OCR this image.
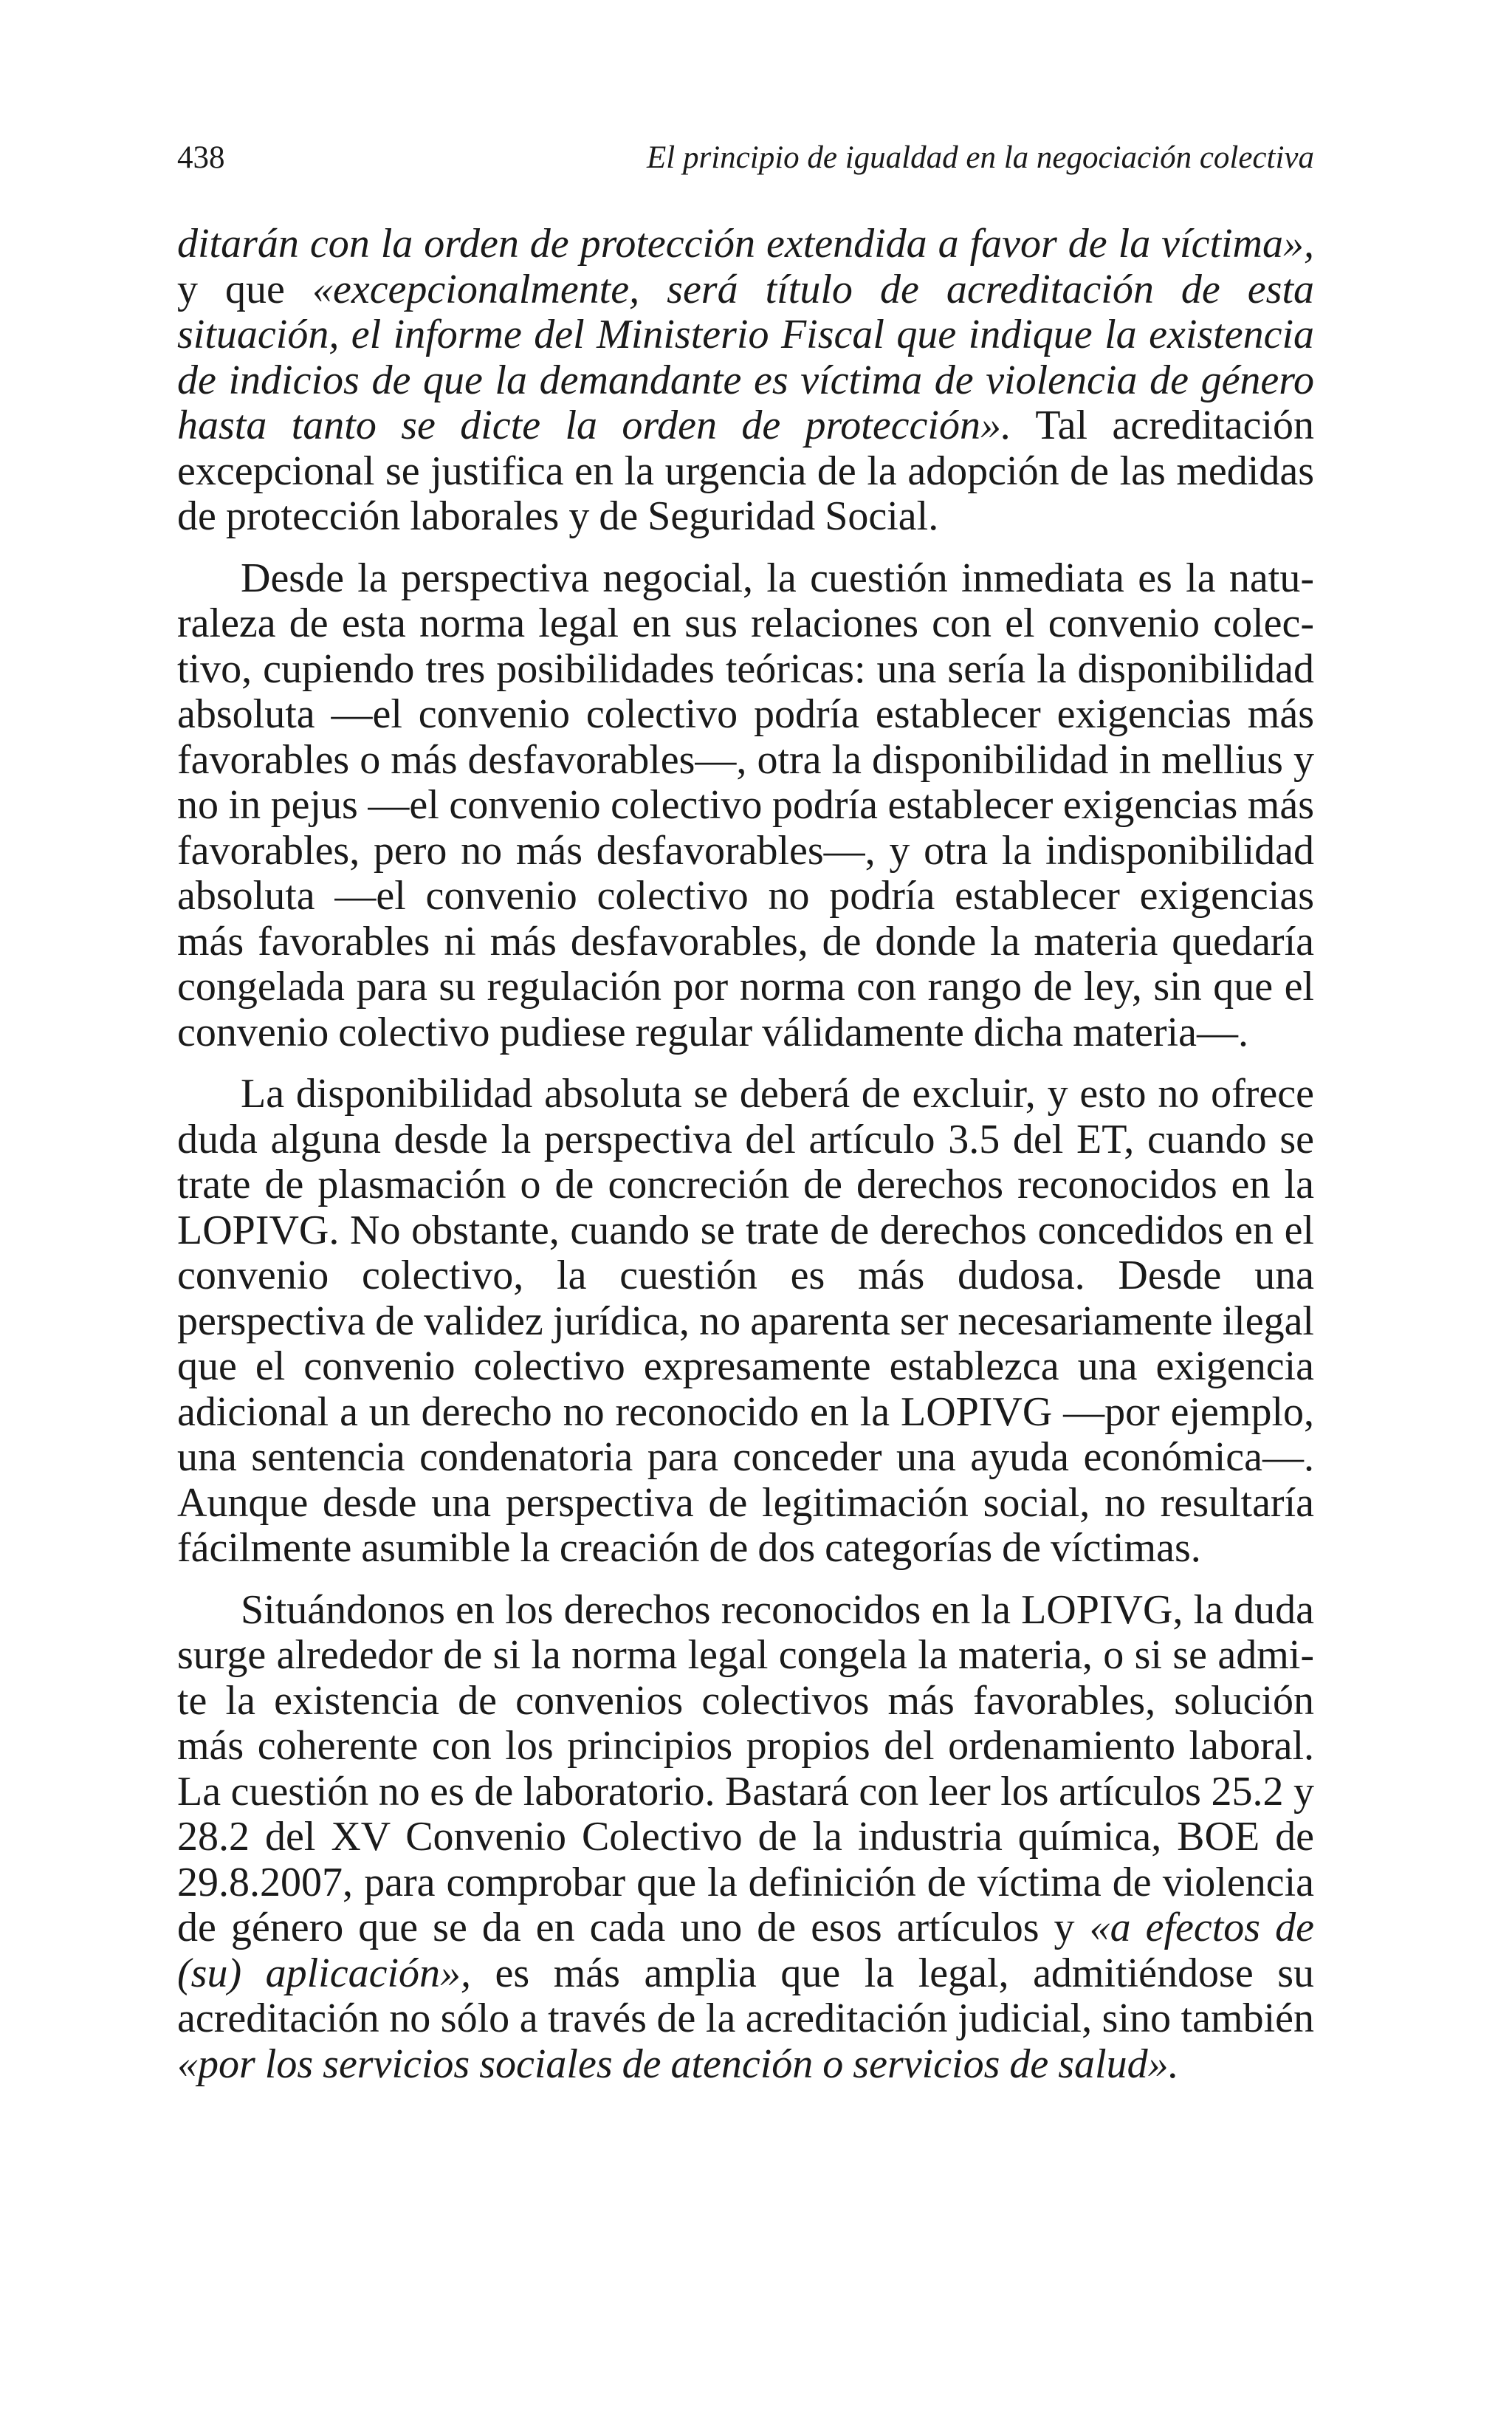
438	El principio de igualdad en la negociación colectiva

ditarán con la orden de protección extendida a favor de la víctima», y que «excepcionalmente, será título de acreditación de esta situación, el informe del Ministerio Fiscal que indique la existencia de indicios de que la demandante es víctima de violencia de género hasta tanto se dicte la orden de protección». Tal acreditación excepcional se justifica en la urgencia de la adopción de las medidas de protección laborales y de Seguridad Social.

Desde la perspectiva negocial, la cuestión inmediata es la naturaleza de esta norma legal en sus relaciones con el convenio colectivo, cupiendo tres posibilidades teóricas: una sería la disponibilidad absoluta —el convenio colectivo podría establecer exigencias más favorables o más desfavorables—, otra la disponibilidad in mellius y no in pejus —el convenio colectivo podría establecer exigencias más favorables, pero no más desfavorables—, y otra la indisponibilidad absoluta —el convenio colectivo no podría establecer exigencias más favorables ni más desfavorables, de donde la materia quedaría congelada para su regulación por norma con rango de ley, sin que el convenio colectivo pudiese regular válidamente dicha materia—.

La disponibilidad absoluta se deberá de excluir, y esto no ofrece duda alguna desde la perspectiva del artículo 3.5 del ET, cuando se trate de plasmación o de concreción de derechos reconocidos en la LOPIVG. No obstante, cuando se trate de derechos concedidos en el convenio colectivo, la cuestión es más dudosa. Desde una perspectiva de validez jurídica, no aparenta ser necesariamente ilegal que el convenio colectivo expresamente establezca una exigencia adicional a un derecho no reconocido en la LOPIVG —por ejemplo, una sentencia condenatoria para conceder una ayuda económica—. Aunque desde una perspectiva de legitimación social, no resultaría fácilmente asumible la creación de dos categorías de víctimas.

Situándonos en los derechos reconocidos en la LOPIVG, la duda surge alrededor de si la norma legal congela la materia, o si se admite la existencia de convenios colectivos más favorables, solución más coherente con los principios propios del ordenamiento laboral. La cuestión no es de laboratorio. Bastará con leer los artículos 25.2 y 28.2 del XV Convenio Colectivo de la industria química, BOE de 29.8.2007, para comprobar que la definición de víctima de violencia de género que se da en cada uno de esos artículos y «a efectos de (su) aplicación», es más amplia que la legal, admitiéndose su acreditación no sólo a través de la acreditación judicial, sino también «por los servicios sociales de atención o servicios de salud».
